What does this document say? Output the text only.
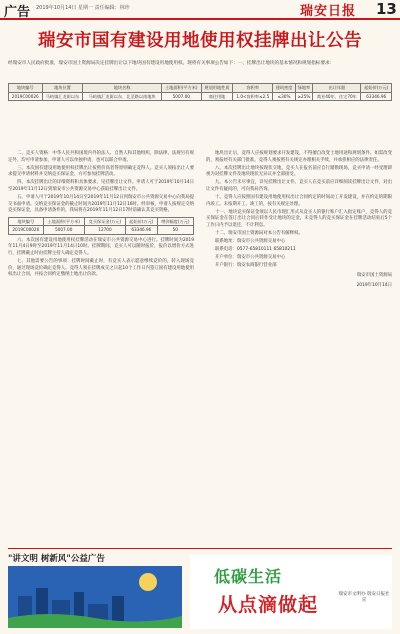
广告 2019年10月14日 星期一 责任编辑：林珍	瑞安日报 13
瑞安市国有建设用地使用权挂牌出让公告
经瑞安市人民政府批准，瑞安市国土资源局决定挂牌出让以下地块国有建设用地使用权。现将有关事项公告如下：一、挂牌出让地块的基本情况和规划指标要求：
地块编号	地块位置	地块名称	土地面积(平方米)	规划用地性质	容积率	建筑密度	绿地率	出让年限	起始价(万元)
2019C00026	马屿镇汇龙街以东	马屿镇汇龙街以东、北至路以南地块	5007.00	商住用地	1.0<容积率≤2.5	≤30%	≥25%	商业40年、住宅70年	63346.96

二、竞买人资格：中华人民共和国境内外的法人、自然人和其他组织，除法律、法规另有规定外，均可申请参加，申请人可以单独申请，也可以联合申请。

三、本次国有建设用地使用权挂牌出让按照价高者得原则确定竞得人。竞买人须按出让人要求提交申请材料并交纳竞买保证金，方可参加挂牌活动。

四、本次挂牌出让的详细资料和具体要求，见挂牌出让文件。申请人可于2019年10月14日至2019年11月12日到瑞安市公共资源交易中心获取挂牌出让文件。

五、申请人可于2019年10月14日至2019年11月12日到瑞安市公共资源交易中心向我局提交书面申请。交纳竞买保证金的截止时间为2019年11月12日16时。经审核，申请人按规定交纳竞买保证金，具备申请条件的，我局将在2019年11月12日17时前确认其竞买资格。

地块编号	土地面积(平方米)	竞买保证金(万元)	起始价(万元)	增价幅度(万元)
2019C00026	5007.00	12700	63346.96	50

六、本次国有建设用地使用权挂牌活动在瑞安市公共资源交易中心进行。挂牌时间为2019年11月4日9时至2019年11月14日10时。挂牌期间，竞买人可以随时报价，报价以增价方式进行，挂牌截止时由挂牌主持人确定竞得人。

七、其他需要公告的事项：挂牌时间截止时，有竞买人表示愿意继续竞价的，转入现场竞价，通过现场竞价确定竞得人。竞得人须在挂牌成交之日起10个工作日内签订国有建设用地使用权出让合同，并按合同约定缴纳土地出让价款。

地块出让后，竞得人应按规划要求开发建设，不得擅自改变土地用途和规划条件。如需改变的，须报经有关部门批准。竞得人须按照有关规定办理相关手续，并承担相应的法律责任。

八、本次挂牌出让地块按现状交地，竞买人在报名前应自行踏勘现场，竞买申请一经受理即视为对挂牌文件及地块现状无异议并全部接受。

九、本公告未尽事宜，详见挂牌出让文件。竞买人在竞买前应详细阅读挂牌出让文件，对出让文件有疑问的，可向我局咨询。

十、竞得人应按照国有建设用地使用权出让合同约定的时间动工开发建设，并在约定的期限内竣工。未按期开工、竣工的，按有关规定处理。

十一、地块竞买保证金须以人民币现汇形式从竞买人的银行账户汇入指定账户，竞得人的竞买保证金在签订出让合同后转作受让地块的定金，未竞得人的竞买保证金在挂牌活动结束后5个工作日内予以退还，不计利息。

十二、瑞安市国土资源局对本公告有解释权。

联系地址：瑞安市公共资源交易中心

联系电话：0577-65810111 65810211

开户单位：瑞安市公共资源交易中心

开户银行：瑞安农商银行营业部

瑞安市国土资源局
2019年10月14日
"讲文明 树新风"公益广告
低碳生活
从点滴做起	瑞安市文明办 瑞安日报社 宣
